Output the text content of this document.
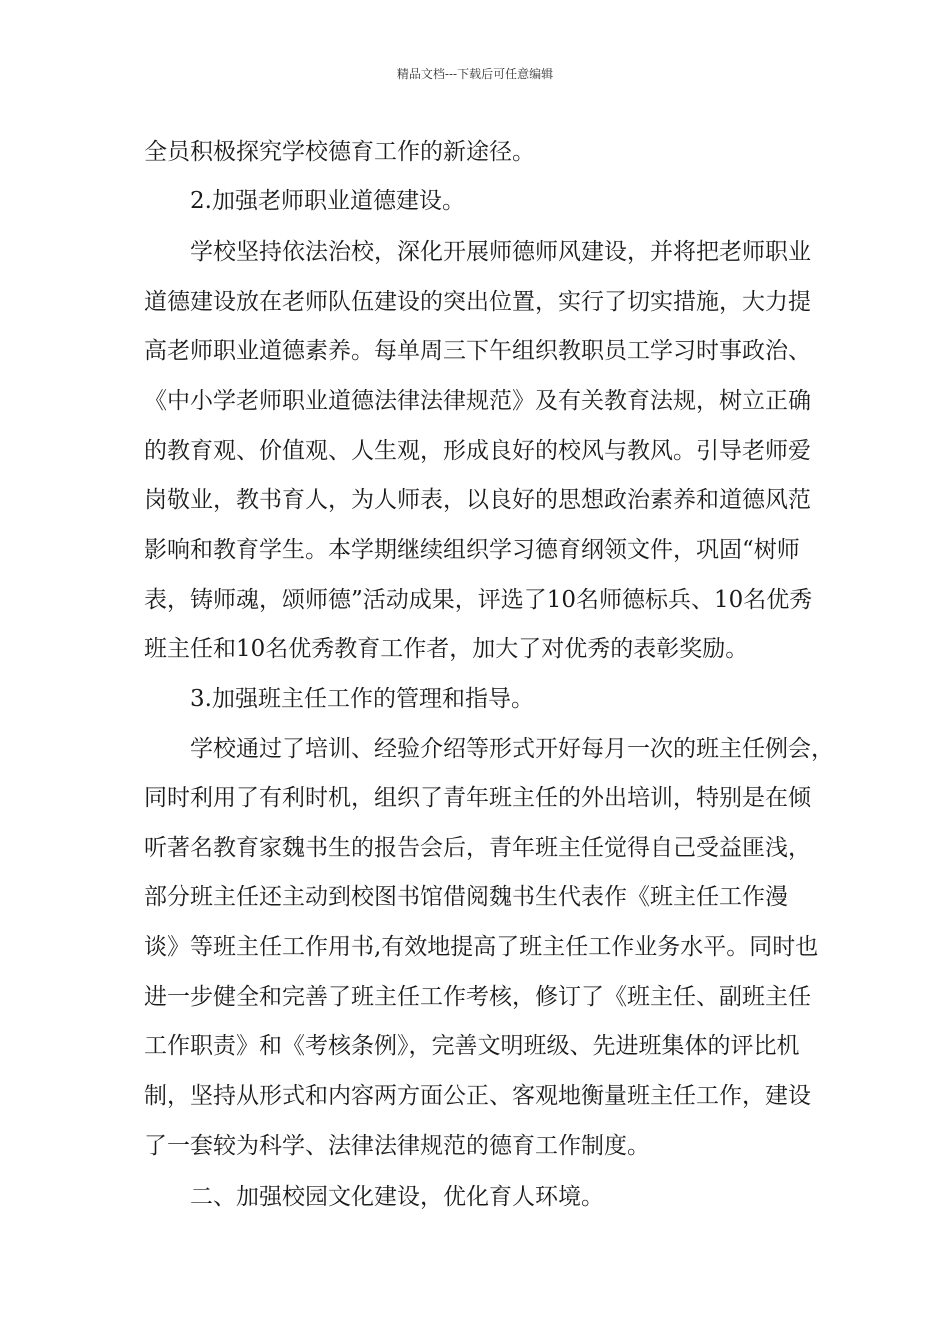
精品文档---下载后可任意编辑
全员积极探究学校德育工作的新途径。
2.加强老师职业道德建设。
学校坚持依法治校，深化开展师德师风建设，并将把老师职业
道德建设放在老师队伍建设的突出位置，实行了切实措施，大力提
高老师职业道德素养。每单周三下午组织教职员工学习时事政治、
《中小学老师职业道德法律法律规范》及有关教育法规，树立正确
的教育观、价值观、人生观，形成良好的校风与教风。引导老师爱
岗敬业，教书育人，为人师表，以良好的思想政治素养和道德风范
影响和教育学生。本学期继续组织学习德育纲领文件，巩固“树师
表，铸师魂，颂师德”活动成果，评选了10名师德标兵、10名优秀
班主任和10名优秀教育工作者，加大了对优秀的表彰奖励。
3.加强班主任工作的管理和指导。
学校通过了培训、经验介绍等形式开好每月一次的班主任例会，
同时利用了有利时机，组织了青年班主任的外出培训，特别是在倾
听著名教育家魏书生的报告会后，青年班主任觉得自己受益匪浅，
部分班主任还主动到校图书馆借阅魏书生代表作《班主任工作漫
谈》等班主任工作用书,有效地提高了班主任工作业务水平。同时也
进一步健全和完善了班主任工作考核，修订了《班主任、副班主任
工作职责》和《考核条例》，完善文明班级、先进班集体的评比机
制，坚持从形式和内容两方面公正、客观地衡量班主任工作，建设
了一套较为科学、法律法律规范的德育工作制度。
二、加强校园文化建设，优化育人环境。
